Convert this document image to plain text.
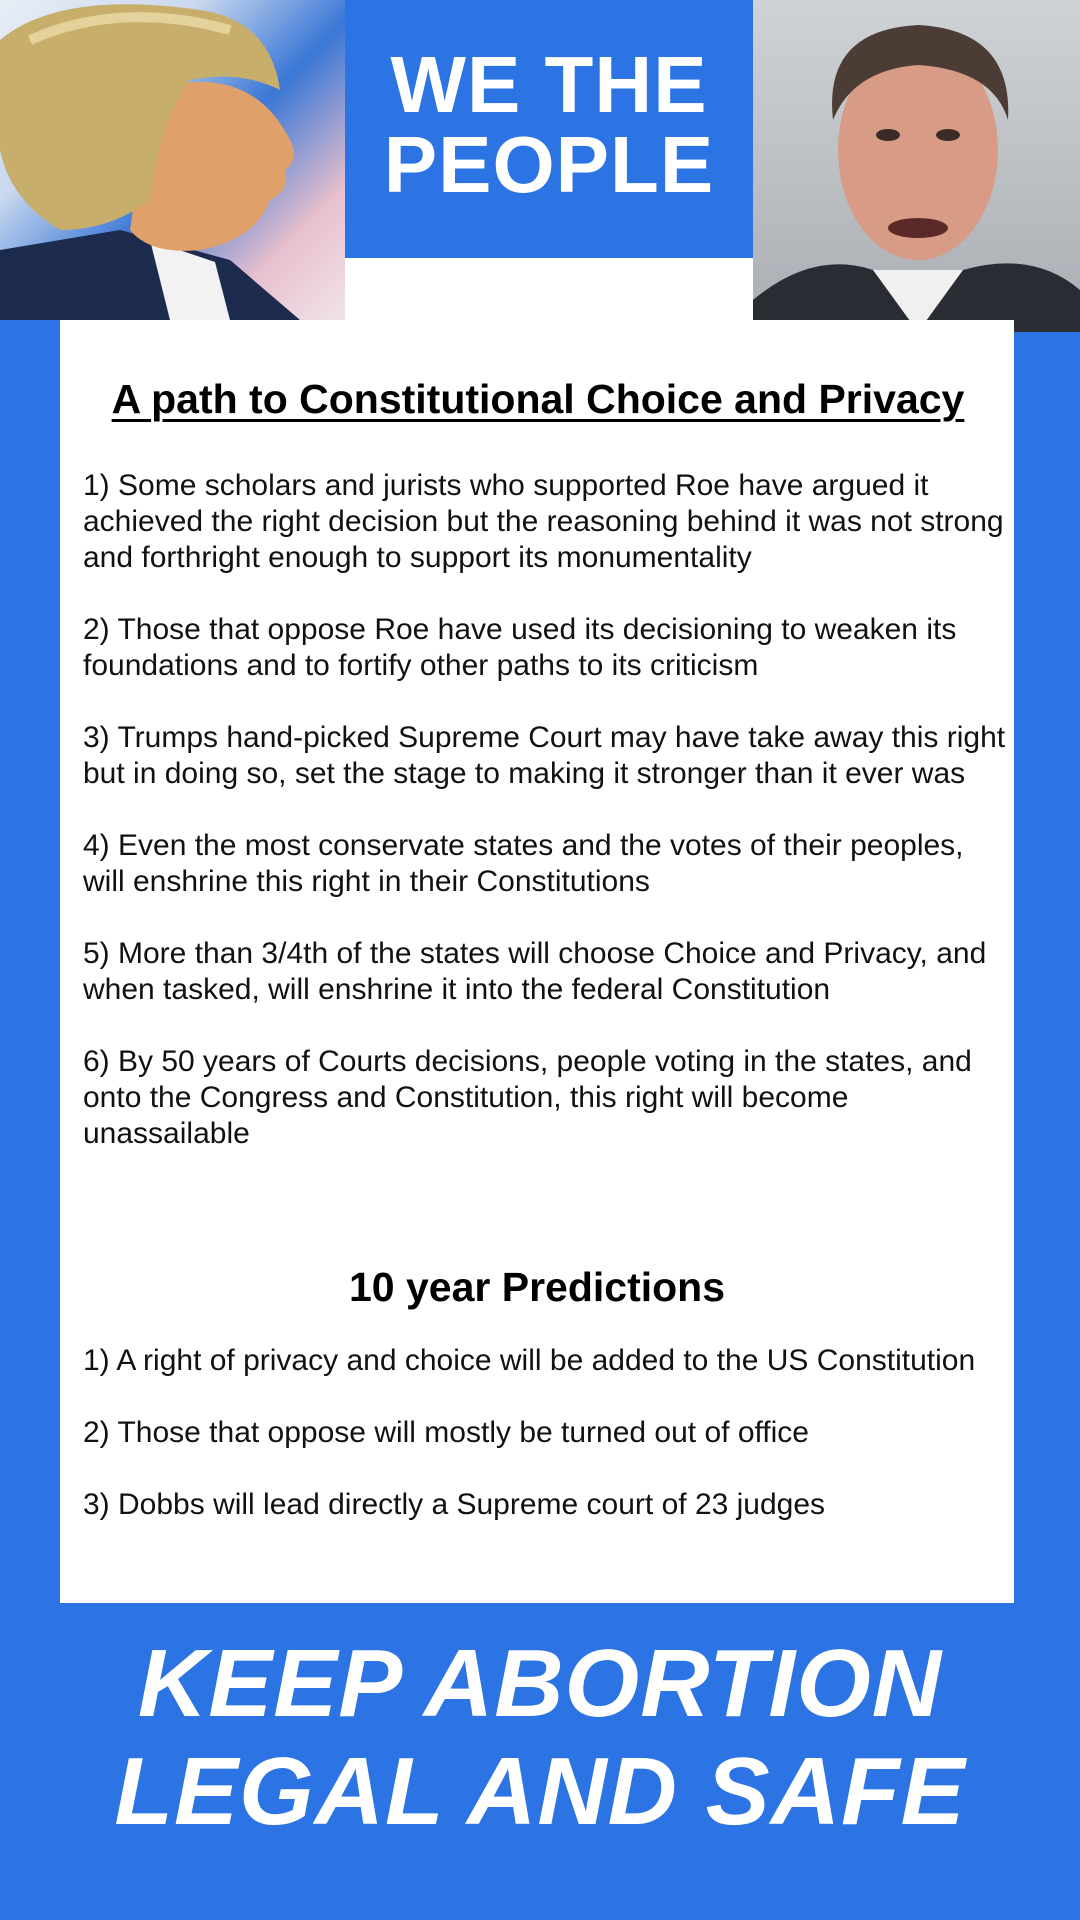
WE THE
PEOPLE
A path to Constitutional Choice and Privacy

1) Some scholars and jurists who supported Roe have argued it achieved the right decision but the reasoning behind it was not strong and forthright enough to support its monumentality

2) Those that oppose Roe have used its decisioning to weaken its foundations and to fortify other paths to its criticism

3) Trumps hand-picked Supreme Court may have take away this right but in doing so, set the stage to making it stronger than it ever was

4) Even the most conservate states and the votes of their peoples, will enshrine this right in their Constitutions

5) More than 3/4th of the states will choose Choice and Privacy, and when tasked, will enshrine it into the federal Constitution

6) By 50 years of Courts decisions, people voting in the states, and onto the Congress and Constitution, this right will become unassailable

10 year Predictions

1) A right of privacy and choice will be added to the US Constitution

2) Those that oppose will mostly be turned out of office

3) Dobbs will lead directly a Supreme court of 23 judges

KEEP ABORTION
LEGAL AND SAFE
